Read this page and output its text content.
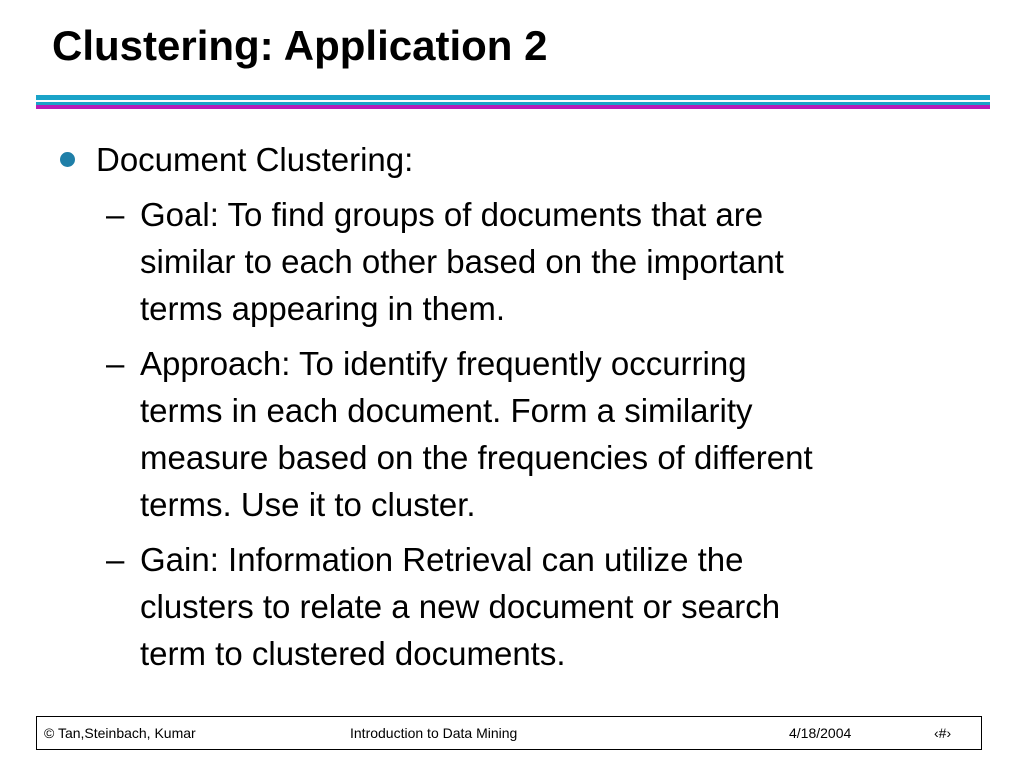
Clustering: Application 2
Document Clustering:
– Goal: To find groups of documents that are
similar to each other based on the important
terms appearing in them.
– Approach: To identify frequently occurring
terms in each document. Form a similarity
measure based on the frequencies of different
terms. Use it to cluster.
– Gain: Information Retrieval can utilize the
clusters to relate a new document or search
term to clustered documents.
© Tan,Steinbach, Kumar	Introduction to Data Mining	4/18/2004	‹#›
